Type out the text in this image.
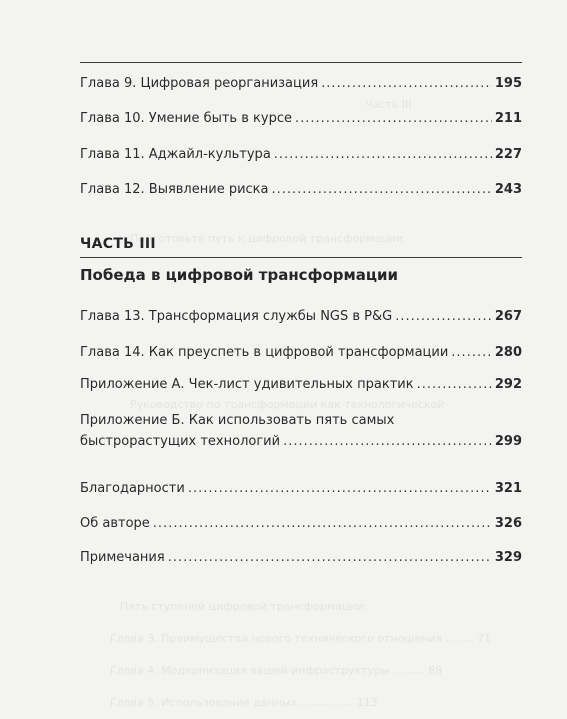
Часть III
Подготовьте путь к цифровой трансформации
Руководство по трансформации как технологической
Пять ступеней цифровой трансформации
Глава 3. Преимущества нового технического отношения ........ 71
Глава 4. Модернизация вашей инфраструктуры ......... 88
Глава 5. Использование данных ............... 113
Глава 9. Цифровая реорганизация .....	195
Глава 10. Умение быть в курсе .....	211
Глава 11. Аджайл-культура .....	227
Глава 12. Выявление риска .....	243
ЧАСТЬ III
Победа в цифровой трансформации
Глава 13. Трансформация службы NGS в P&G .....	267
Глава 14. Как преуспеть в цифровой трансформации .....	280
Приложение А. Чек-лист удивительных практик .....	292
Приложение Б. Как использовать пять самых
быстрорастущих технологий .....	299
Благодарности .....	321
Об авторе .....	326
Примечания .....	329
